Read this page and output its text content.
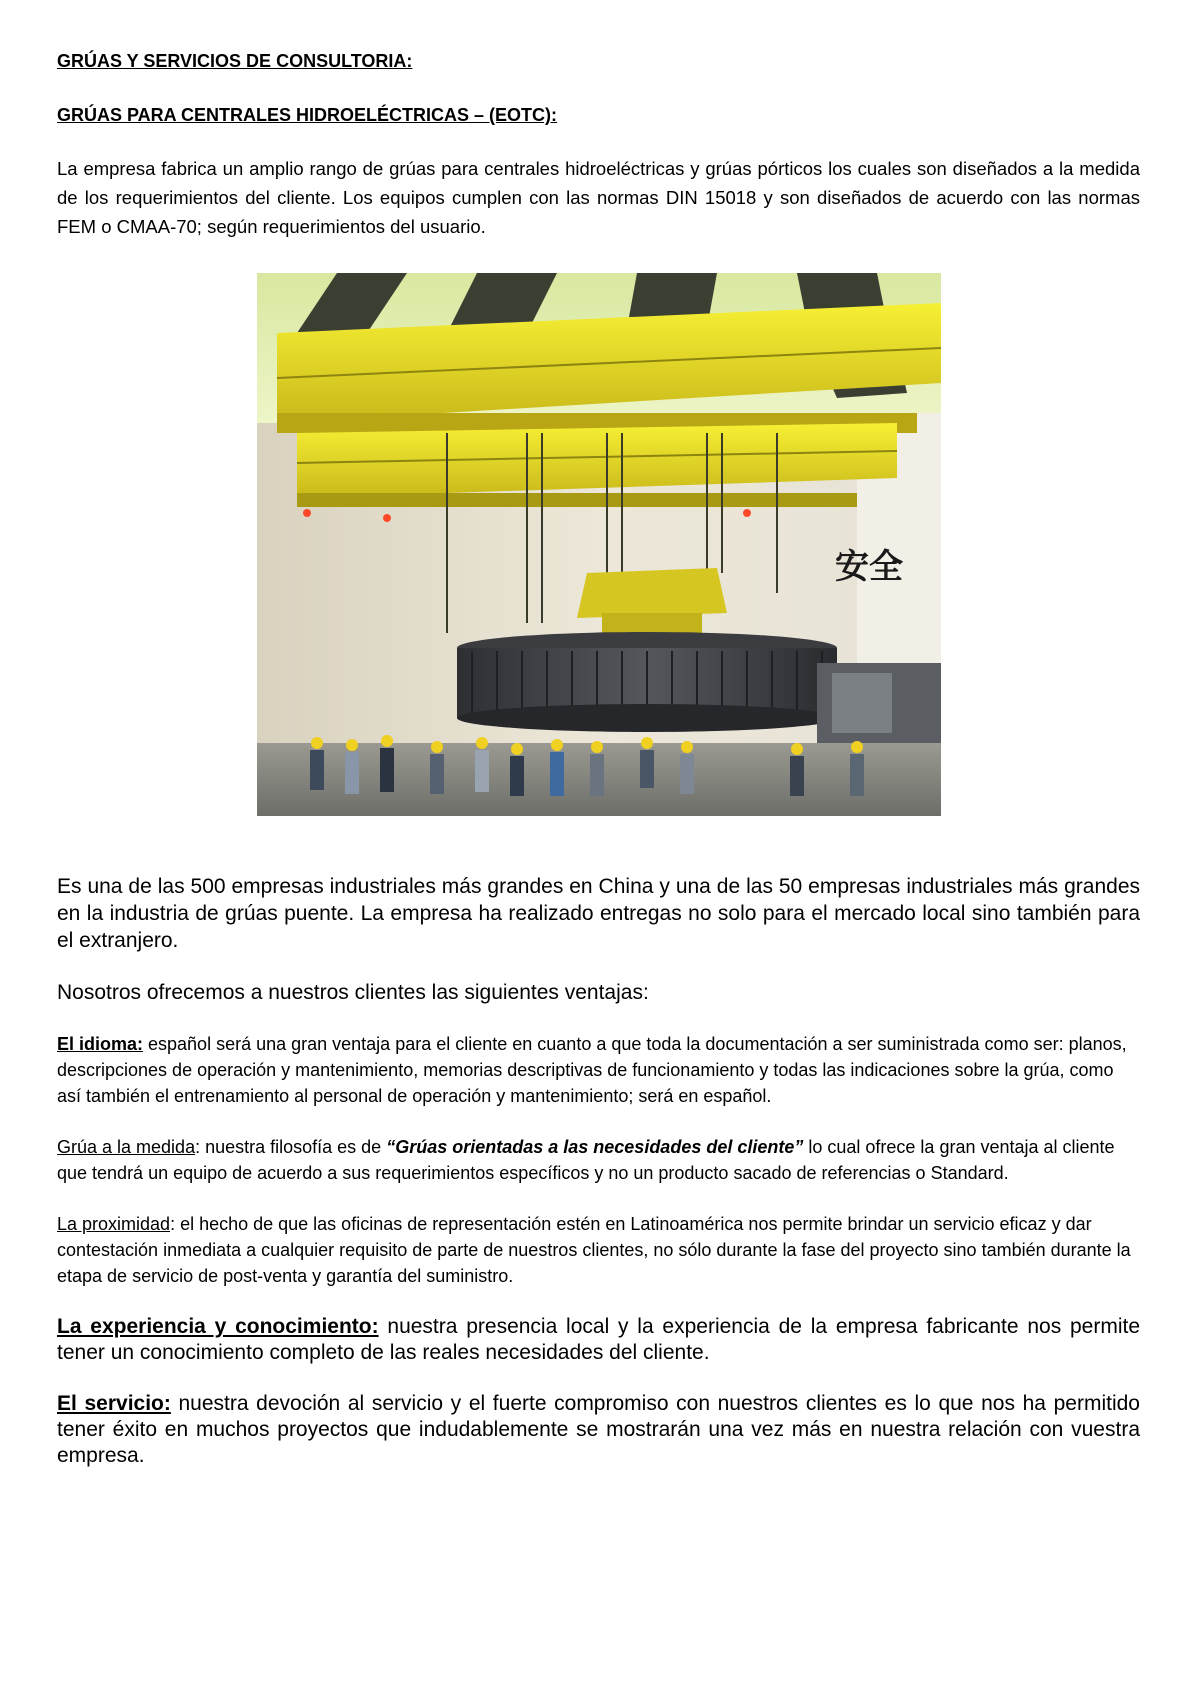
GRÚAS Y SERVICIOS DE CONSULTORIA:

GRÚAS PARA CENTRALES HIDROELÉCTRICAS – (EOTC):

La empresa fabrica un amplio rango de grúas para centrales hidroeléctricas y grúas pórticos los cuales son diseñados a la medida de los requerimientos del cliente. Los equipos cumplen con las normas DIN 15018 y son diseñados de acuerdo con las normas FEM o CMAA-70; según requerimientos del usuario.

安全

Es una de las 500 empresas industriales más grandes en China y una de las 50 empresas industriales más grandes en la industria de grúas puente. La empresa ha realizado entregas no solo para el mercado local sino también para el extranjero.

Nosotros ofrecemos a nuestros clientes las siguientes ventajas:

El idioma: español será una gran ventaja para el cliente en cuanto a que toda la documentación a ser suministrada como ser: planos, descripciones de operación y mantenimiento, memorias descriptivas de funcionamiento y todas las indicaciones sobre la grúa, como así también el entrenamiento al personal de operación y mantenimiento; será en español.

Grúa a la medida: nuestra filosofía es de “Grúas orientadas a las necesidades del cliente” lo cual ofrece la gran ventaja al cliente que tendrá un equipo de acuerdo a sus requerimientos específicos y no un producto sacado de referencias o Standard.

La proximidad: el hecho de que las oficinas de representación estén en Latinoamérica nos permite brindar un servicio eficaz y dar contestación inmediata a cualquier requisito de parte de nuestros clientes, no sólo durante la fase del proyecto sino también durante la etapa de servicio de post-venta y garantía del suministro.

La experiencia y conocimiento: nuestra presencia local y la experiencia de la empresa fabricante nos permite tener un conocimiento completo de las reales necesidades del cliente.

El servicio: nuestra devoción al servicio y el fuerte compromiso con nuestros clientes es lo que nos ha permitido tener éxito en muchos proyectos que indudablemente se mostrarán una vez más en nuestra relación con vuestra empresa.
